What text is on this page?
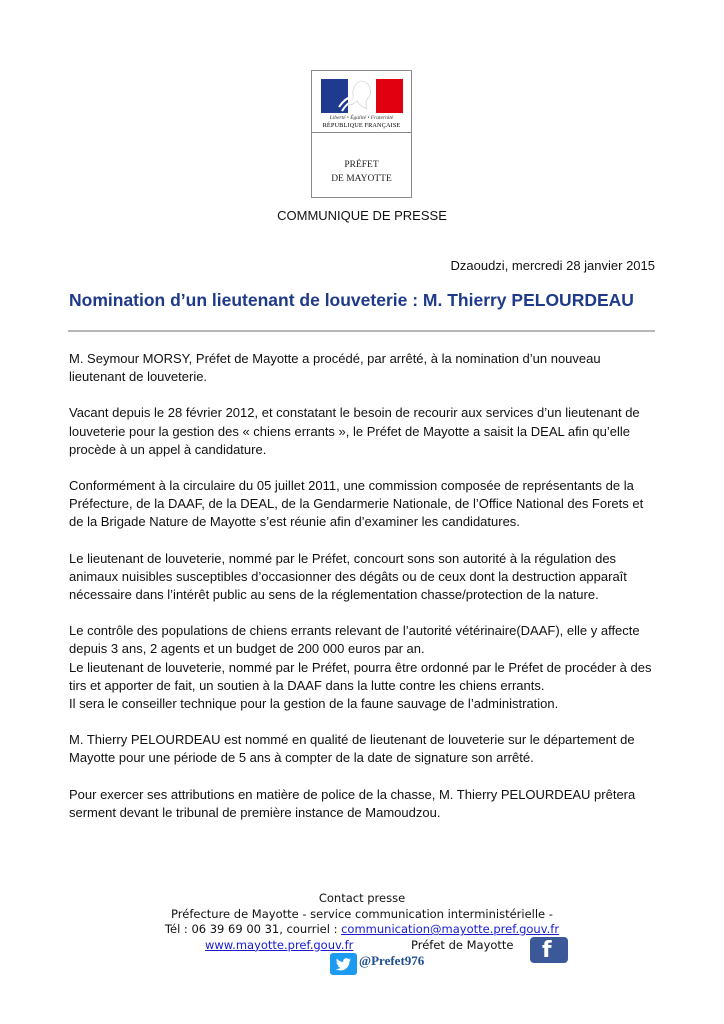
Liberté • Égalité • Fraternité
RÉPUBLIQUE FRANÇAISE
PRÉFET
DE MAYOTTE
COMMUNIQUE DE PRESSE
Dzaoudzi, mercredi 28 janvier 2015
Nomination d’un lieutenant de louveterie : M. Thierry PELOURDEAU

M. Seymour MORSY, Préfet de Mayotte a procédé, par arrêté, à la nomination d’un nouveau lieutenant de louveterie.

Vacant depuis le 28 février 2012, et constatant le besoin de recourir aux services d’un lieutenant de louveterie pour la gestion des « chiens errants », le Préfet de Mayotte a saisit la DEAL afin qu’elle procède à un appel à candidature.

Conformément à la circulaire du 05 juillet 2011, une commission composée de représentants de la Préfecture, de la DAAF, de la DEAL, de la Gendarmerie Nationale, de l’Office National des Forets et de la Brigade Nature de Mayotte s’est réunie afin d’examiner les candidatures.

Le lieutenant de louveterie, nommé par le Préfet, concourt sons son autorité à la régulation des animaux nuisibles susceptibles d’occasionner des dégâts ou de ceux dont la destruction apparaît nécessaire dans l’intérêt public au sens de la réglementation chasse/protection de la nature.

Le contrôle des populations de chiens errants relevant de l’autorité vétérinaire(DAAF), elle y affecte depuis 3 ans, 2 agents et un budget de 200 000 euros par an.

Le lieutenant de louveterie, nommé par le Préfet, pourra être ordonné par le Préfet de procéder à des tirs et apporter de fait, un soutien à la DAAF dans la lutte contre les chiens errants.

Il sera le conseiller technique pour la gestion de la faune sauvage de l’administration.

M. Thierry PELOURDEAU est nommé en qualité de lieutenant de louveterie sur le département de Mayotte pour une période de 5 ans à compter de la date de signature son arrêté.

Pour exercer ses attributions en matière de police de la chasse, M. Thierry PELOURDEAU prêtera serment devant le tribunal de première instance de Mamoudzou.

Contact presse
Préfecture de Mayotte - service communication interministérielle -
Tél : 06 39 69 00 31, courriel : communication@mayotte.pref.gouv.fr
www.mayotte.pref.gouv.fr	Préfet de Mayotte f
@Prefet976
